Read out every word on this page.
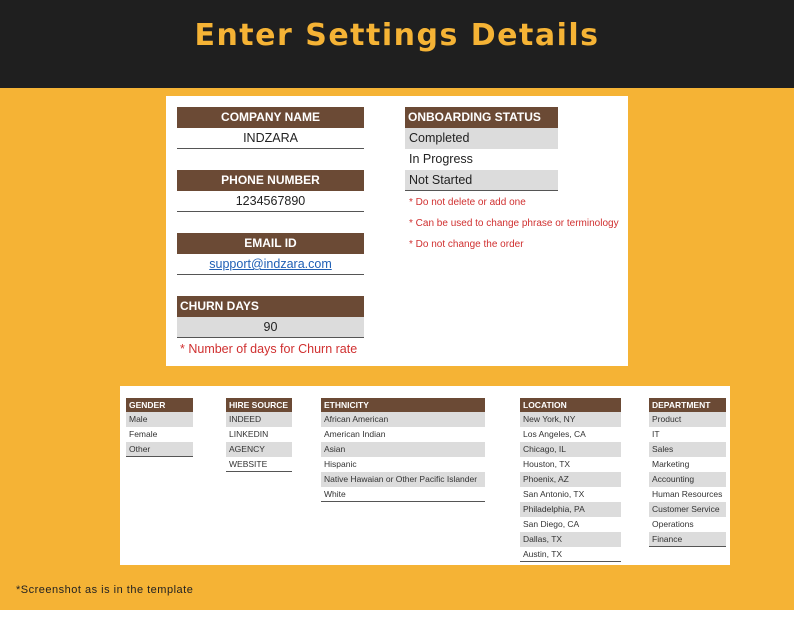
Enter Settings Details
COMPANY NAME
INDZARA
PHONE NUMBER
1234567890
EMAIL ID
support@indzara.com
CHURN DAYS
90
* Number of days for Churn rate
ONBOARDING STATUS
Completed
In Progress
Not Started
* Do not delete or add one
* Can be used to change phrase or terminology
* Do not change the order
GENDER
Male
Female
Other
HIRE SOURCE
INDEED
LINKEDIN
AGENCY
WEBSITE
ETHNICITY
African American
American Indian
Asian
Hispanic
Native Hawaian or Other Pacific Islander
White
LOCATION
New York, NY
Los Angeles, CA
Chicago, IL
Houston, TX
Phoenix, AZ
San Antonio, TX
Philadelphia, PA
San Diego, CA
Dallas, TX
Austin, TX
DEPARTMENT
Product
IT
Sales
Marketing
Accounting
Human Resources
Customer Service
Operations
Finance
*Screenshot as is in the template
